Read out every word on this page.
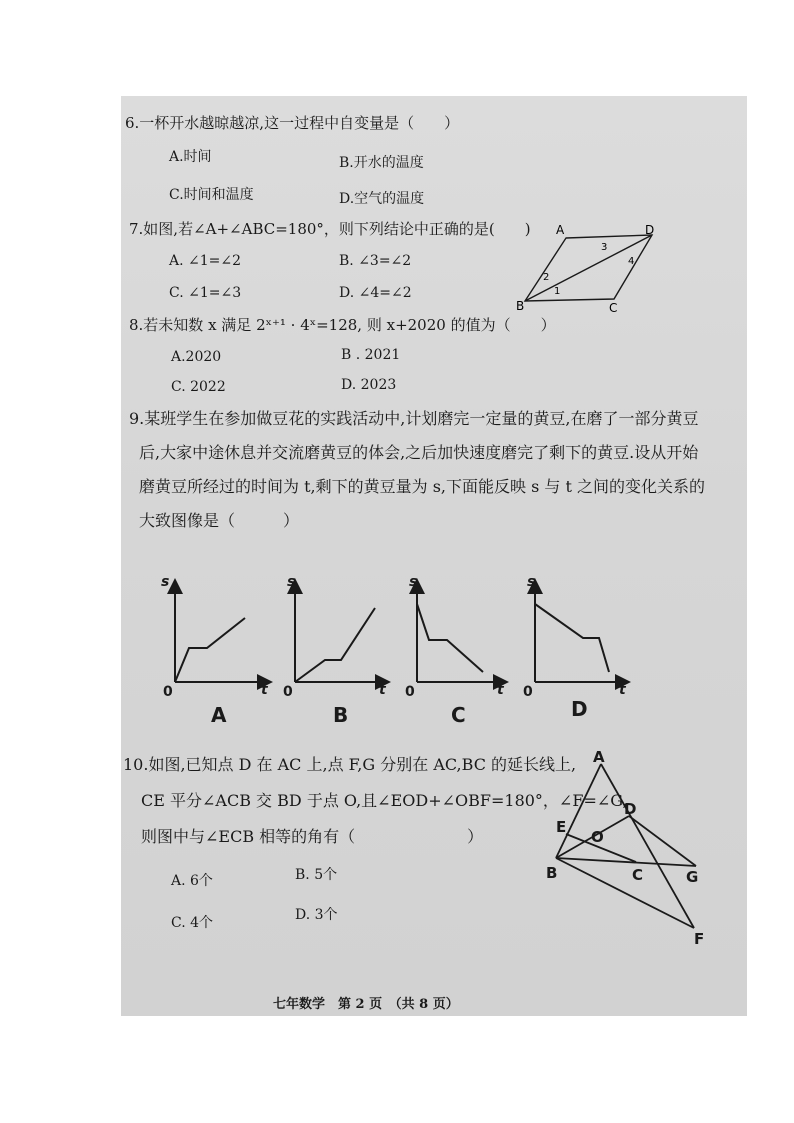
6.一杯开水越晾越凉,这一过程中自变量是（　　）
A.时间	B.开水的温度
C.时间和温度	D.空气的温度
7.如图,若∠A+∠ABC=180°，则下列结论中正确的是(　　)
A. ∠1=∠2	B. ∠3=∠2
C. ∠1=∠3	D. ∠4=∠2
A	D
B	C
1
2
3
4
8.若未知数 x 满足 2ˣ⁺¹ · 4ˣ=128, 则 x+2020 的值为（　　）
A.2020	B . 2021
C. 2022	D. 2023
9.某班学生在参加做豆花的实践活动中,计划磨完一定量的黄豆,在磨了一部分黄豆
后,大家中途休息并交流磨黄豆的体会,之后加快速度磨完了剩下的黄豆.设从开始
磨黄豆所经过的时间为 t,剩下的黄豆量为 s,下面能反映 s 与 t 之间的变化关系的
大致图像是（　　　）
s
t
0
s
t
0
s
t
0
s
t
0
A	B	C	D
10.如图,已知点 D 在 AC 上,点 F,G 分别在 AC,BC 的延长线上,
CE 平分∠ACB 交 BD 于点 O,且∠EOD+∠OBF=180°，∠F=∠G,
则图中与∠ECB 相等的角有（　　　　　　　）
A. 6个	B. 5个
C. 4个	D. 3个
A
E
O
D
B	C	G
F
七年数学　第 2 页　（共 8 页）
